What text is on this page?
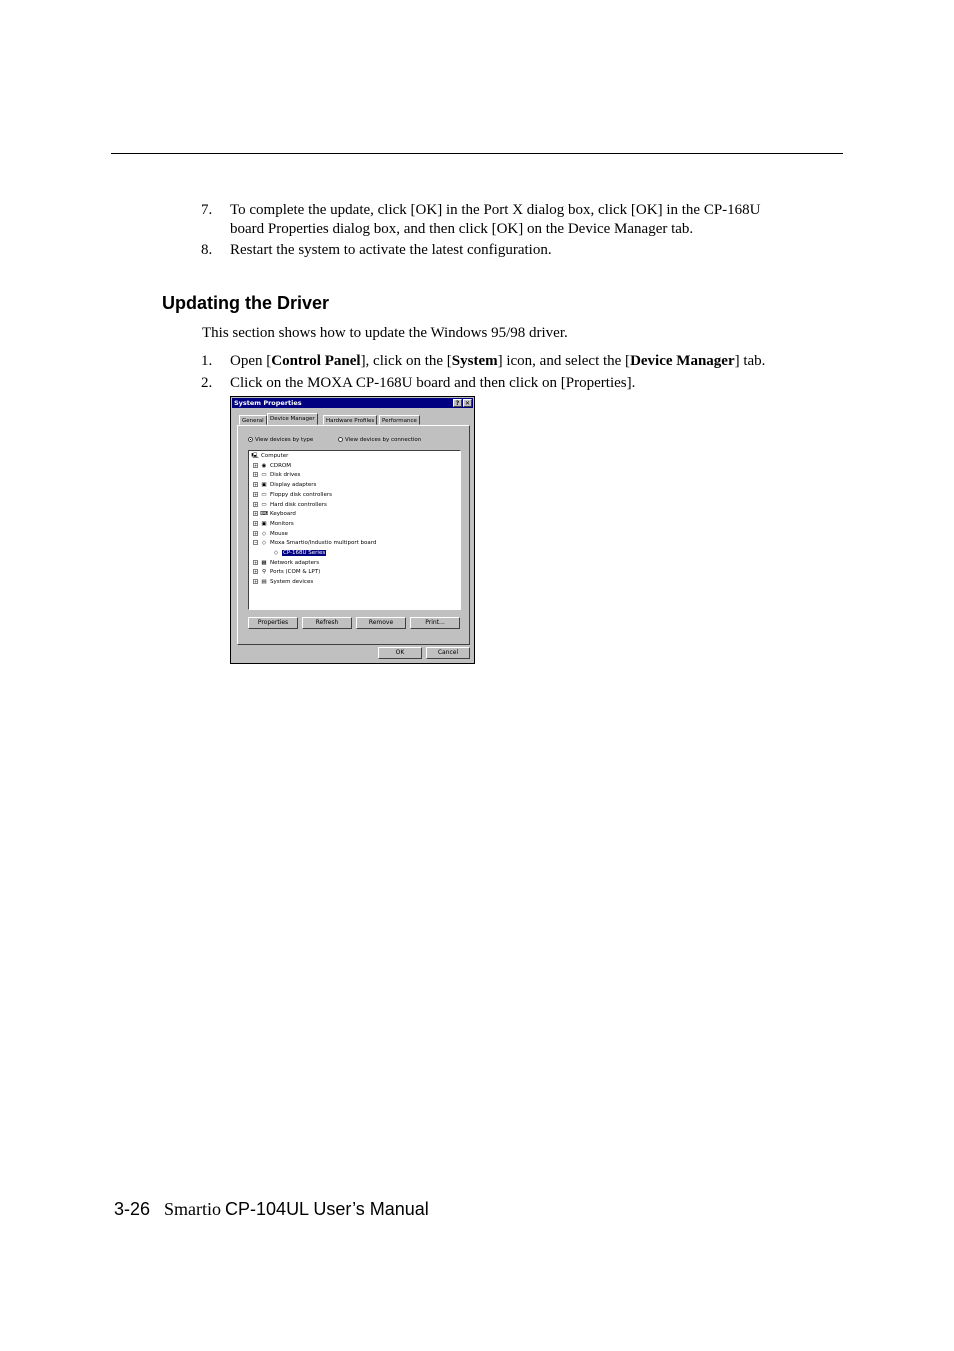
7. To complete the update, click [OK] in the Port X dialog box, click [OK] in the CP-168U
board Properties dialog box, and then click [OK] on the Device Manager tab.
8. Restart the system to activate the latest configuration.
Updating the Driver
This section shows how to update the Windows 95/98 driver.
1. Open [Control Panel], click on the [System] icon, and select the [Device Manager] tab.
2. Click on the MOXA CP-168U board and then click on [Properties].
System Properties	? ✕
General	Device Manager	Hardware Profiles	Performance
View devices by type	View devices by connection
🖳 Computer
+ ◉ CDROM
+ ▭ Disk drives
+ ▣ Display adapters
+ ▭ Floppy disk controllers
+ ▭ Hard disk controllers
+ ⌨ Keyboard
+ ▣ Monitors
+ ◇ Mouse
− ◇ Moxa Smartio/Industio multiport board
◇ CP-168U Series
+ ▦ Network adapters
+ ⚲ Ports (COM & LPT)
+ ▤ System devices
Properties	Refresh	Remove	Print...
OK	Cancel
3-26 Smartio CP-104UL User’s Manual
